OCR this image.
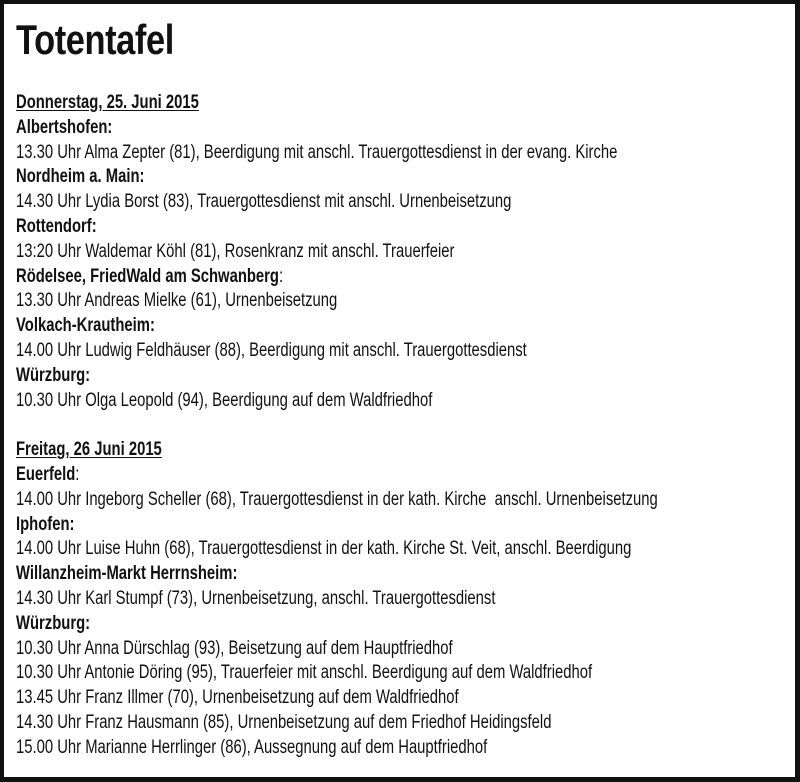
Totentafel
Donnerstag, 25. Juni 2015
Albertshofen:
13.30 Uhr Alma Zepter (81), Beerdigung mit anschl. Trauergottesdienst in der evang. Kirche
Nordheim a. Main:
14.30 Uhr Lydia Borst (83), Trauergottesdienst mit anschl. Urnenbeisetzung
Rottendorf:
13:20 Uhr Waldemar Köhl (81), Rosenkranz mit anschl. Trauerfeier
Rödelsee, FriedWald am Schwanberg:
13.30 Uhr Andreas Mielke (61), Urnenbeisetzung
Volkach-Krautheim:
14.00 Uhr Ludwig Feldhäuser (88), Beerdigung mit anschl. Trauergottesdienst
Würzburg:
10.30 Uhr Olga Leopold (94), Beerdigung auf dem Waldfriedhof
Freitag, 26 Juni 2015
Euerfeld:
14.00 Uhr Ingeborg Scheller (68), Trauergottesdienst in der kath. Kirche  anschl. Urnenbeisetzung
Iphofen:
14.00 Uhr Luise Huhn (68), Trauergottesdienst in der kath. Kirche St. Veit, anschl. Beerdigung
Willanzheim-Markt Herrnsheim:
14.30 Uhr Karl Stumpf (73), Urnenbeisetzung, anschl. Trauergottesdienst
Würzburg:
10.30 Uhr Anna Dürschlag (93), Beisetzung auf dem Hauptfriedhof
10.30 Uhr Antonie Döring (95), Trauerfeier mit anschl. Beerdigung auf dem Waldfriedhof
13.45 Uhr Franz Illmer (70), Urnenbeisetzung auf dem Waldfriedhof
14.30 Uhr Franz Hausmann (85), Urnenbeisetzung auf dem Friedhof Heidingsfeld
15.00 Uhr Marianne Herrlinger (86), Aussegnung auf dem Hauptfriedhof
